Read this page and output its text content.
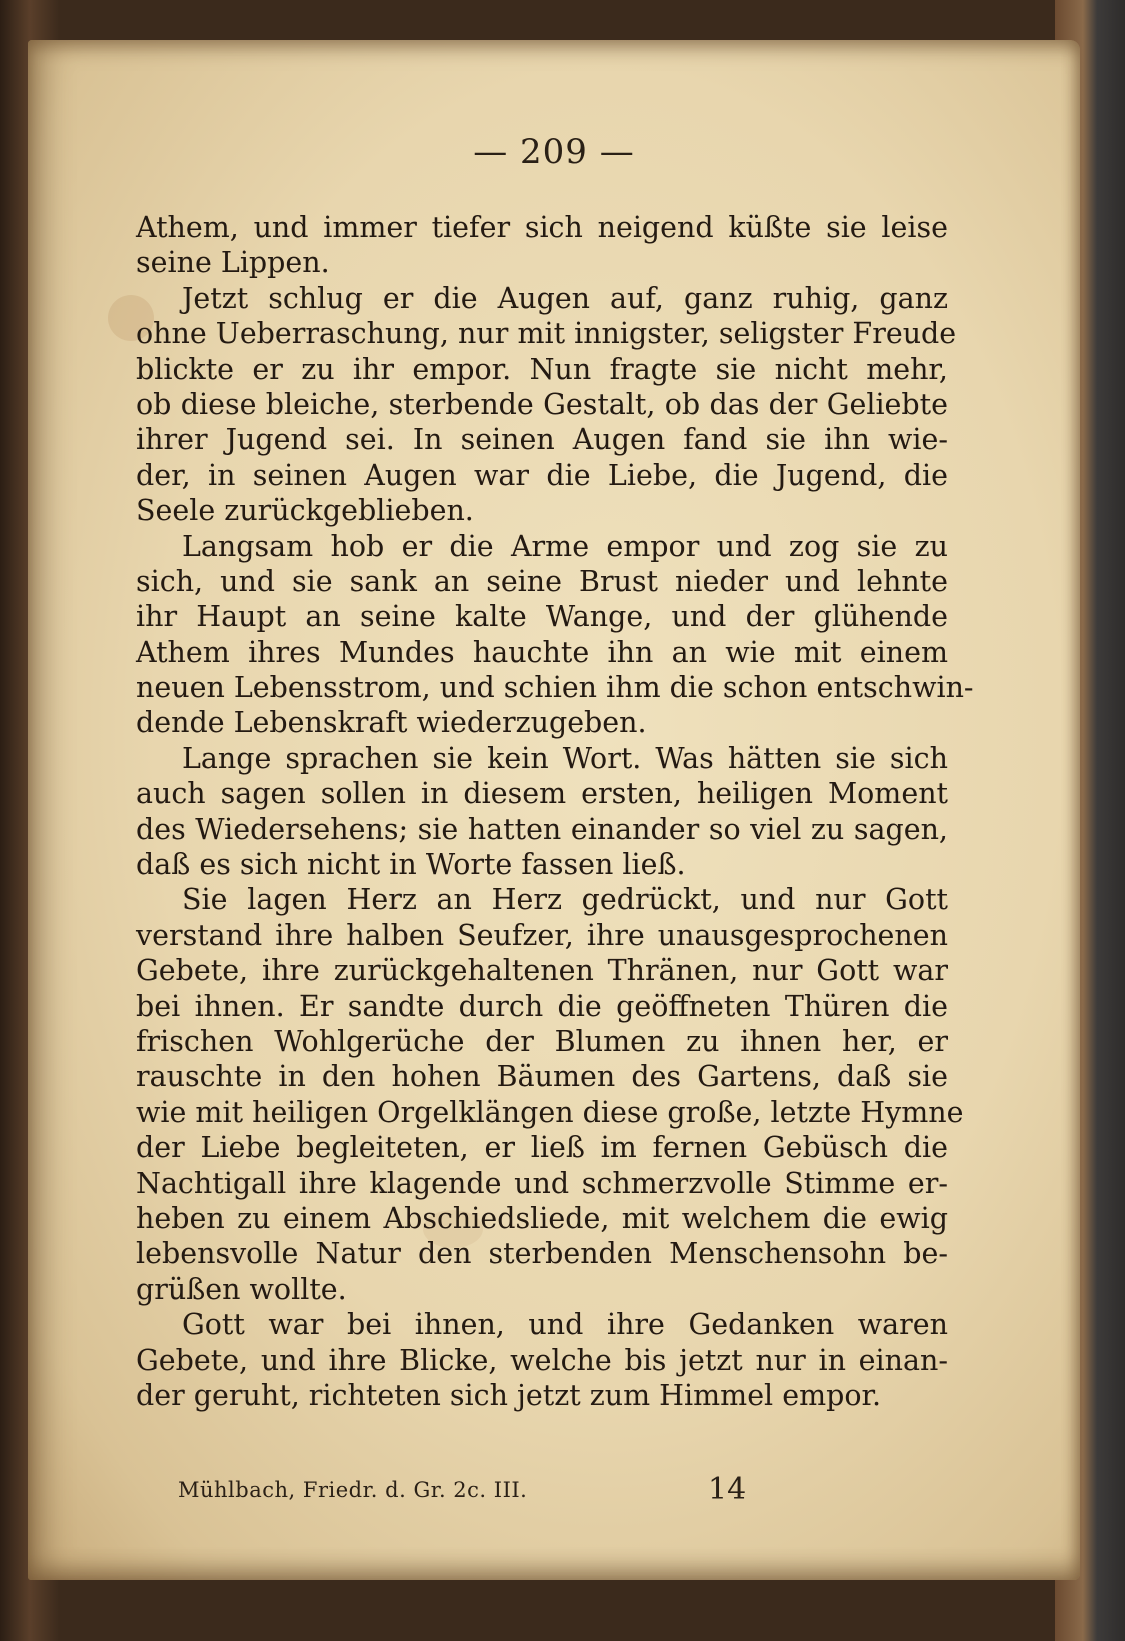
— 209 —
Athem, und immer tiefer sich neigend küßte sie leise
seine Lippen.
Jetzt schlug er die Augen auf, ganz ruhig, ganz
ohne Ueberraschung, nur mit innigster, seligster Freude
blickte er zu ihr empor. Nun fragte sie nicht mehr,
ob diese bleiche, sterbende Gestalt, ob das der Geliebte
ihrer Jugend sei. In seinen Augen fand sie ihn wie-
der, in seinen Augen war die Liebe, die Jugend, die
Seele zurückgeblieben.
Langsam hob er die Arme empor und zog sie zu
sich, und sie sank an seine Brust nieder und lehnte
ihr Haupt an seine kalte Wange, und der glühende
Athem ihres Mundes hauchte ihn an wie mit einem
neuen Lebensstrom, und schien ihm die schon entschwin-
dende Lebenskraft wiederzugeben.
Lange sprachen sie kein Wort. Was hätten sie sich
auch sagen sollen in diesem ersten, heiligen Moment
des Wiedersehens; sie hatten einander so viel zu sagen,
daß es sich nicht in Worte fassen ließ.
Sie lagen Herz an Herz gedrückt, und nur Gott
verstand ihre halben Seufzer, ihre unausgesprochenen
Gebete, ihre zurückgehaltenen Thränen, nur Gott war
bei ihnen. Er sandte durch die geöffneten Thüren die
frischen Wohlgerüche der Blumen zu ihnen her, er
rauschte in den hohen Bäumen des Gartens, daß sie
wie mit heiligen Orgelklängen diese große, letzte Hymne
der Liebe begleiteten, er ließ im fernen Gebüsch die
Nachtigall ihre klagende und schmerzvolle Stimme er-
heben zu einem Abschiedsliede, mit welchem die ewig
lebensvolle Natur den sterbenden Menschensohn be-
grüßen wollte.
Gott war bei ihnen, und ihre Gedanken waren
Gebete, und ihre Blicke, welche bis jetzt nur in einan-
der geruht, richteten sich jetzt zum Himmel empor.
Mühlbach, Friedr. d. Gr. 2c. III.	14
